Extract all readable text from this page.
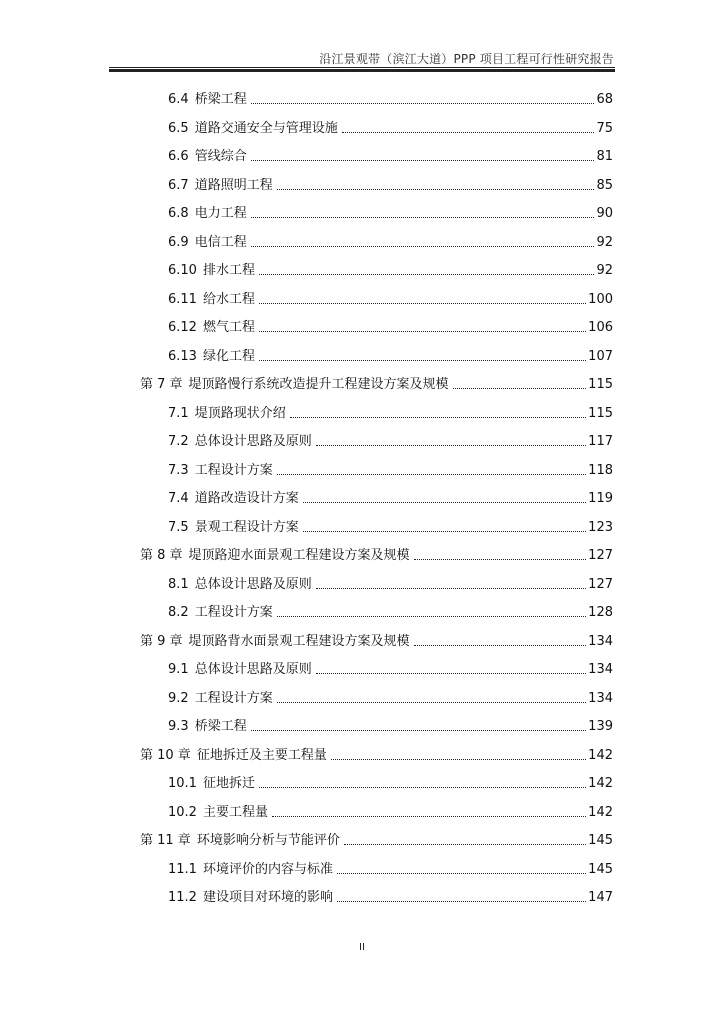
沿江景观带（滨江大道）PPP 项目工程可行性研究报告
6.4 桥梁工程	68
6.5 道路交通安全与管理设施	75
6.6 管线综合	81
6.7 道路照明工程	85
6.8 电力工程	90
6.9 电信工程	92
6.10 排水工程	92
6.11 给水工程	100
6.12 燃气工程	106
6.13 绿化工程	107
第 7 章 堤顶路慢行系统改造提升工程建设方案及规模	115
7.1 堤顶路现状介绍	115
7.2 总体设计思路及原则	117
7.3 工程设计方案	118
7.4 道路改造设计方案	119
7.5 景观工程设计方案	123
第 8 章 堤顶路迎水面景观工程建设方案及规模	127
8.1 总体设计思路及原则	127
8.2 工程设计方案	128
第 9 章 堤顶路背水面景观工程建设方案及规模	134
9.1 总体设计思路及原则	134
9.2 工程设计方案	134
9.3 桥梁工程	139
第 10 章 征地拆迁及主要工程量	142
10.1 征地拆迁	142
10.2 主要工程量	142
第 11 章 环境影响分析与节能评价	145
11.1 环境评价的内容与标准	145
11.2 建设项目对环境的影响	147
II
